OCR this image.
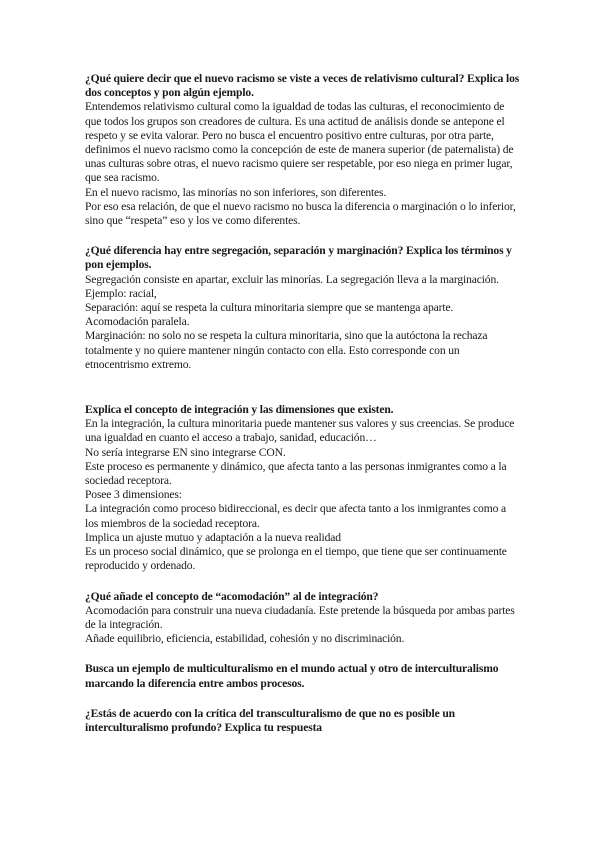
¿Qué quiere decir que el nuevo racismo se viste a veces de relativismo cultural? Explica los dos conceptos y pon algún ejemplo.

Entendemos relativismo cultural como la igualdad de todas las culturas, el reconocimiento de que todos los grupos son creadores de cultura. Es una actitud de análisis donde se antepone el respeto y se evita valorar. Pero no busca el encuentro positivo entre culturas, por otra parte, definimos el nuevo racismo como la concepción de este de manera superior (de paternalista) de unas culturas sobre otras, el nuevo racismo quiere ser respetable, por eso niega en primer lugar, que sea racismo.

En el nuevo racismo, las minorías no son inferiores, son diferentes.

Por eso esa relación, de que el nuevo racismo no busca la diferencia o marginación o lo inferior, sino que “respeta” eso y los ve como diferentes.

¿Qué diferencia hay entre segregación, separación y marginación? Explica los términos y pon ejemplos.

Segregación consiste en apartar, excluir las minorías. La segregación lleva a la marginación.

Ejemplo: racial,

Separación: aquí se respeta la cultura minoritaria siempre que se mantenga aparte.

Acomodación paralela.

Marginación: no solo no se respeta la cultura minoritaria, sino que la autóctona la rechaza totalmente y no quiere mantener ningún contacto con ella. Esto corresponde con un etnocentrismo extremo.

Explica el concepto de integración y las dimensiones que existen.

En la integración, la cultura minoritaria puede mantener sus valores y sus creencias. Se produce una igualdad en cuanto el acceso a trabajo, sanidad, educación…

No sería integrarse EN sino integrarse CON.

Este proceso es permanente y dinámico, que afecta tanto a las personas inmigrantes como a la sociedad receptora.

Posee 3 dimensiones:

La integración como proceso bidireccional, es decir que afecta tanto a los inmigrantes como a los miembros de la sociedad receptora.

Implica un ajuste mutuo y adaptación a la nueva realidad

Es un proceso social dinámico, que se prolonga en el tiempo, que tiene que ser continuamente reproducido y ordenado.

¿Qué añade el concepto de “acomodación” al de integración?

Acomodación para construir una nueva ciudadanía. Este pretende la búsqueda por ambas partes de la integración.

Añade equilibrio, eficiencia, estabilidad, cohesión y no discriminación.

Busca un ejemplo de multiculturalismo en el mundo actual y otro de interculturalismo marcando la diferencia entre ambos procesos.

¿Estás de acuerdo con la crítica del transculturalismo de que no es posible un interculturalismo profundo? Explica tu respuesta
